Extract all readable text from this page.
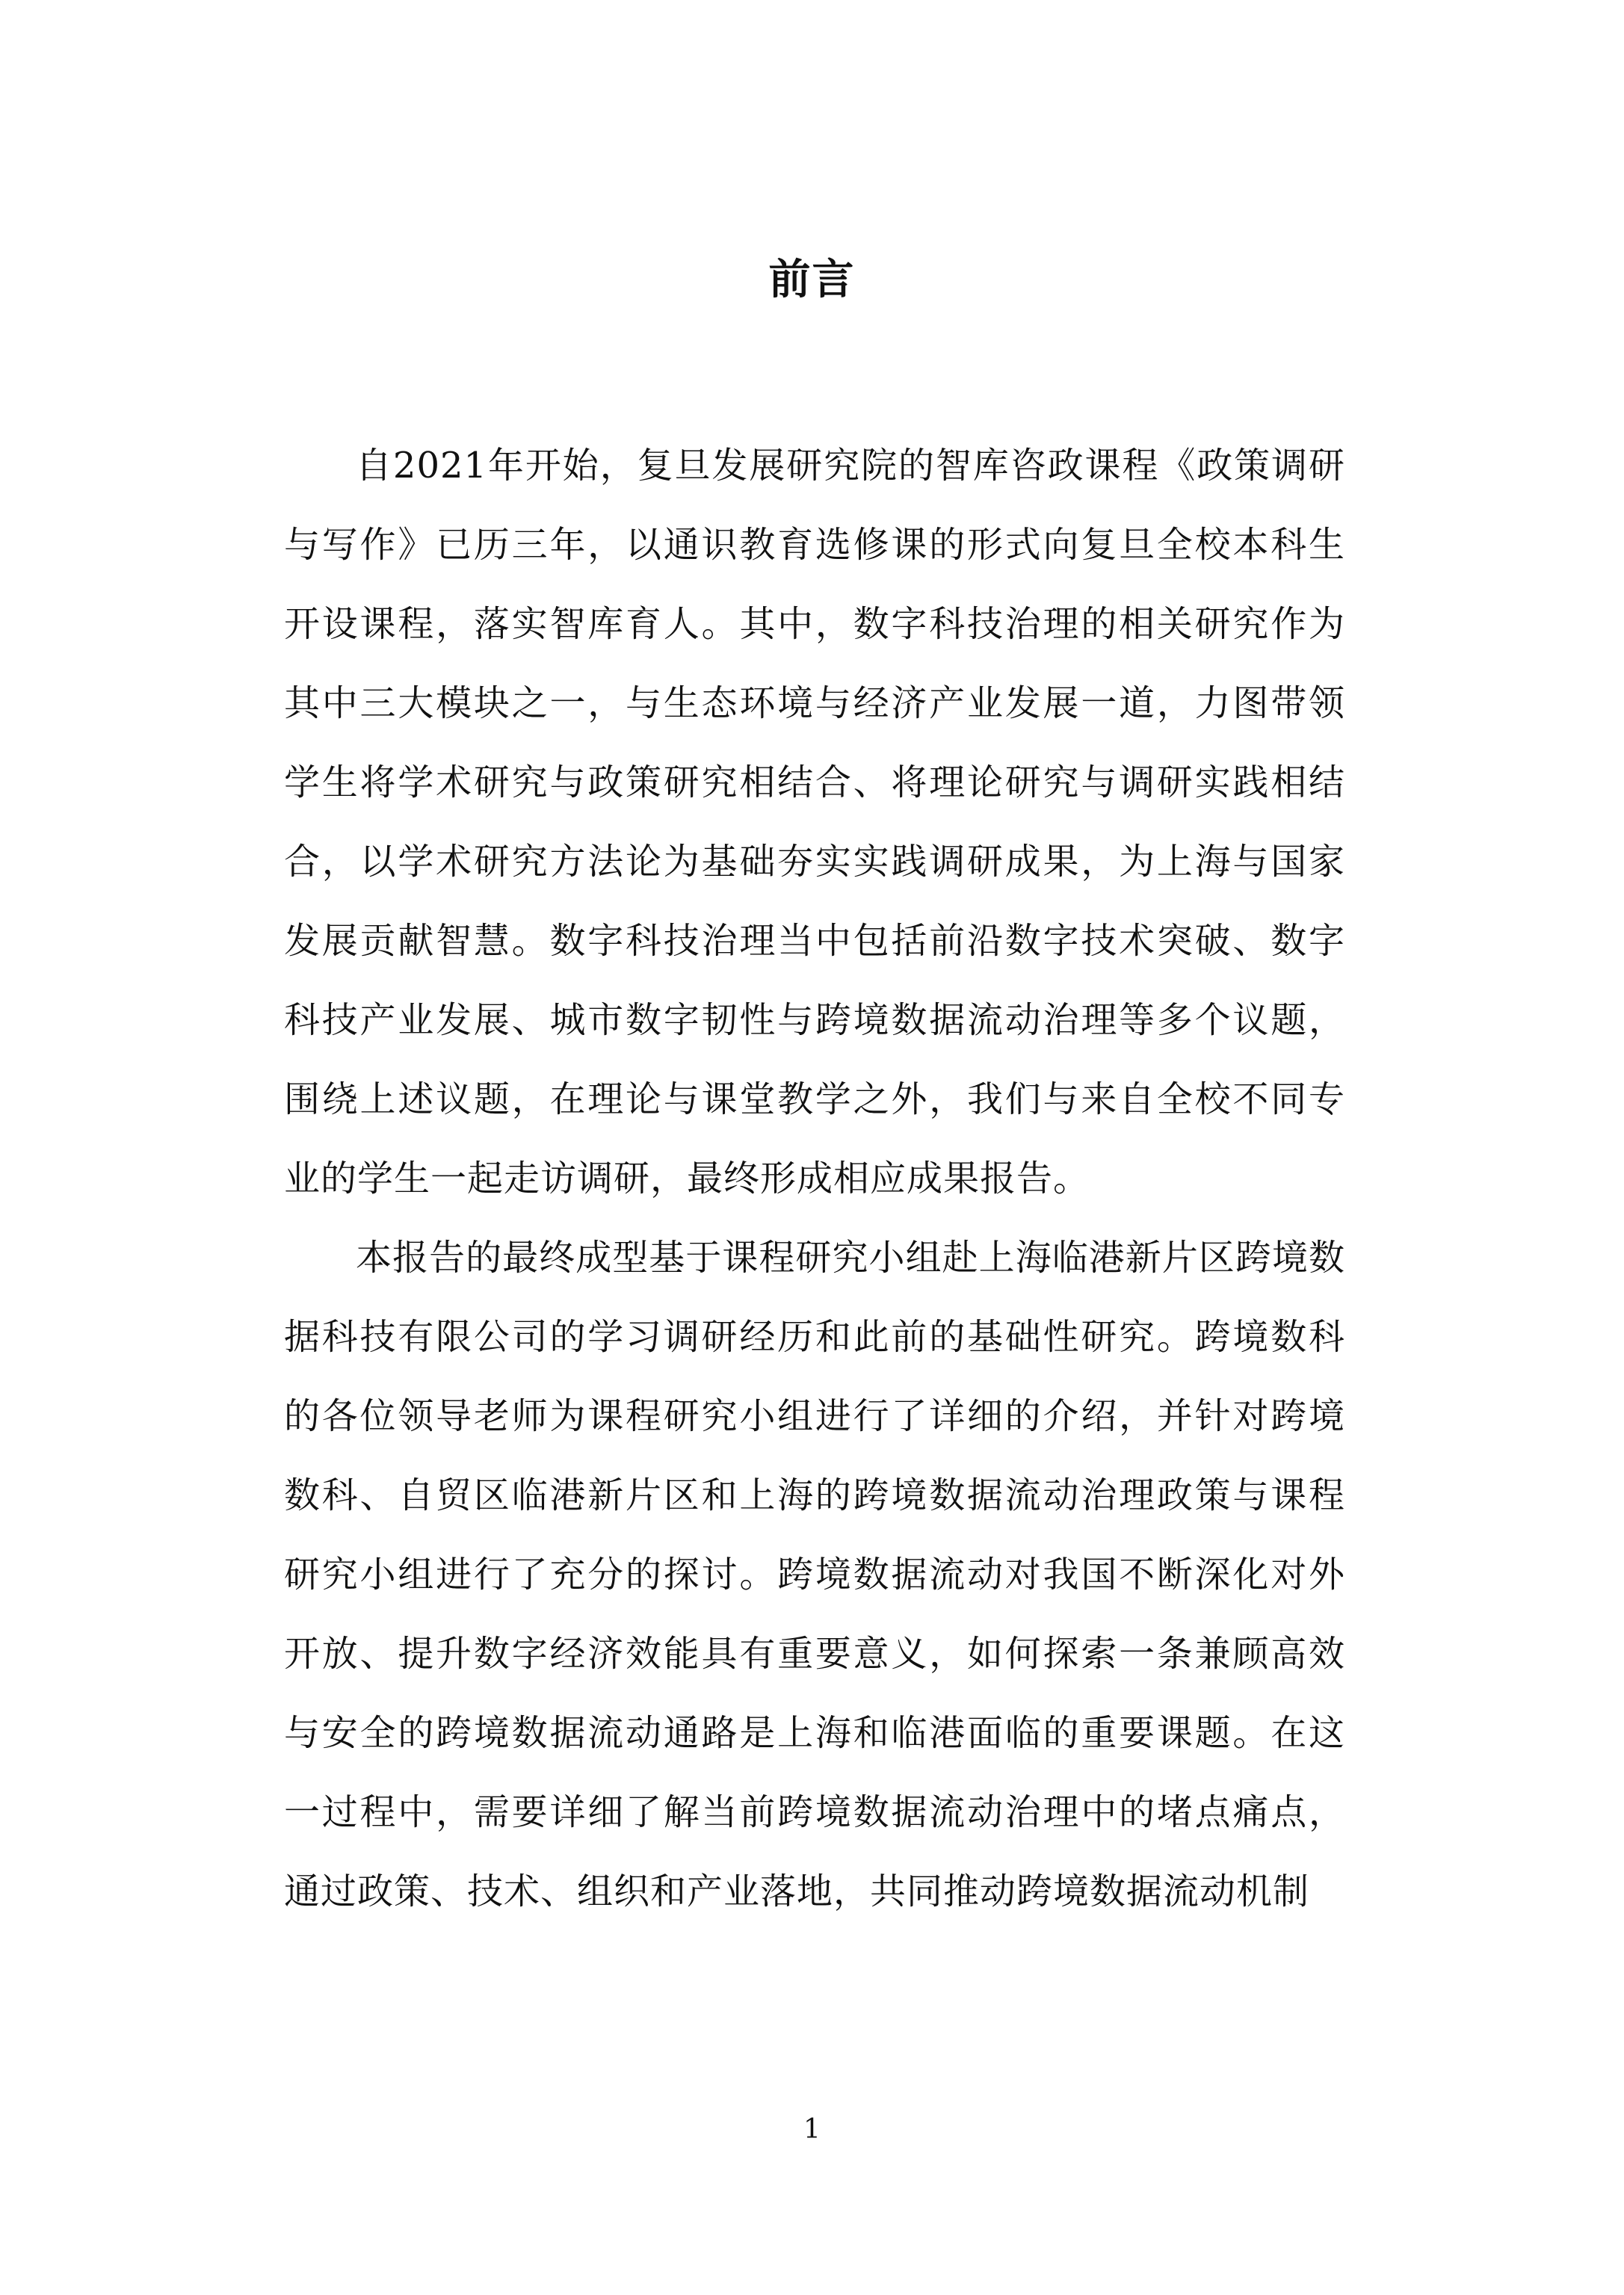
前言

自2021年开始，复旦发展研究院的智库咨政课程《政策调研与写作》已历三年，以通识教育选修课的形式向复旦全校本科生开设课程，落实智库育人。其中，数字科技治理的相关研究作为其中三大模块之一，与生态环境与经济产业发展一道，力图带领学生将学术研究与政策研究相结合、将理论研究与调研实践相结合，以学术研究方法论为基础夯实实践调研成果，为上海与国家发展贡献智慧。数字科技治理当中包括前沿数字技术突破、数字科技产业发展、城市数字韧性与跨境数据流动治理等多个议题，围绕上述议题，在理论与课堂教学之外，我们与来自全校不同专业的学生一起走访调研，最终形成相应成果报告。

本报告的最终成型基于课程研究小组赴上海临港新片区跨境数据科技有限公司的学习调研经历和此前的基础性研究。跨境数科的各位领导老师为课程研究小组进行了详细的介绍，并针对跨境数科、自贸区临港新片区和上海的跨境数据流动治理政策与课程研究小组进行了充分的探讨。跨境数据流动对我国不断深化对外开放、提升数字经济效能具有重要意义，如何探索一条兼顾高效与安全的跨境数据流动通路是上海和临港面临的重要课题。在这一过程中，需要详细了解当前跨境数据流动治理中的堵点痛点，通过政策、技术、组织和产业落地，共同推动跨境数据流动机制

1
